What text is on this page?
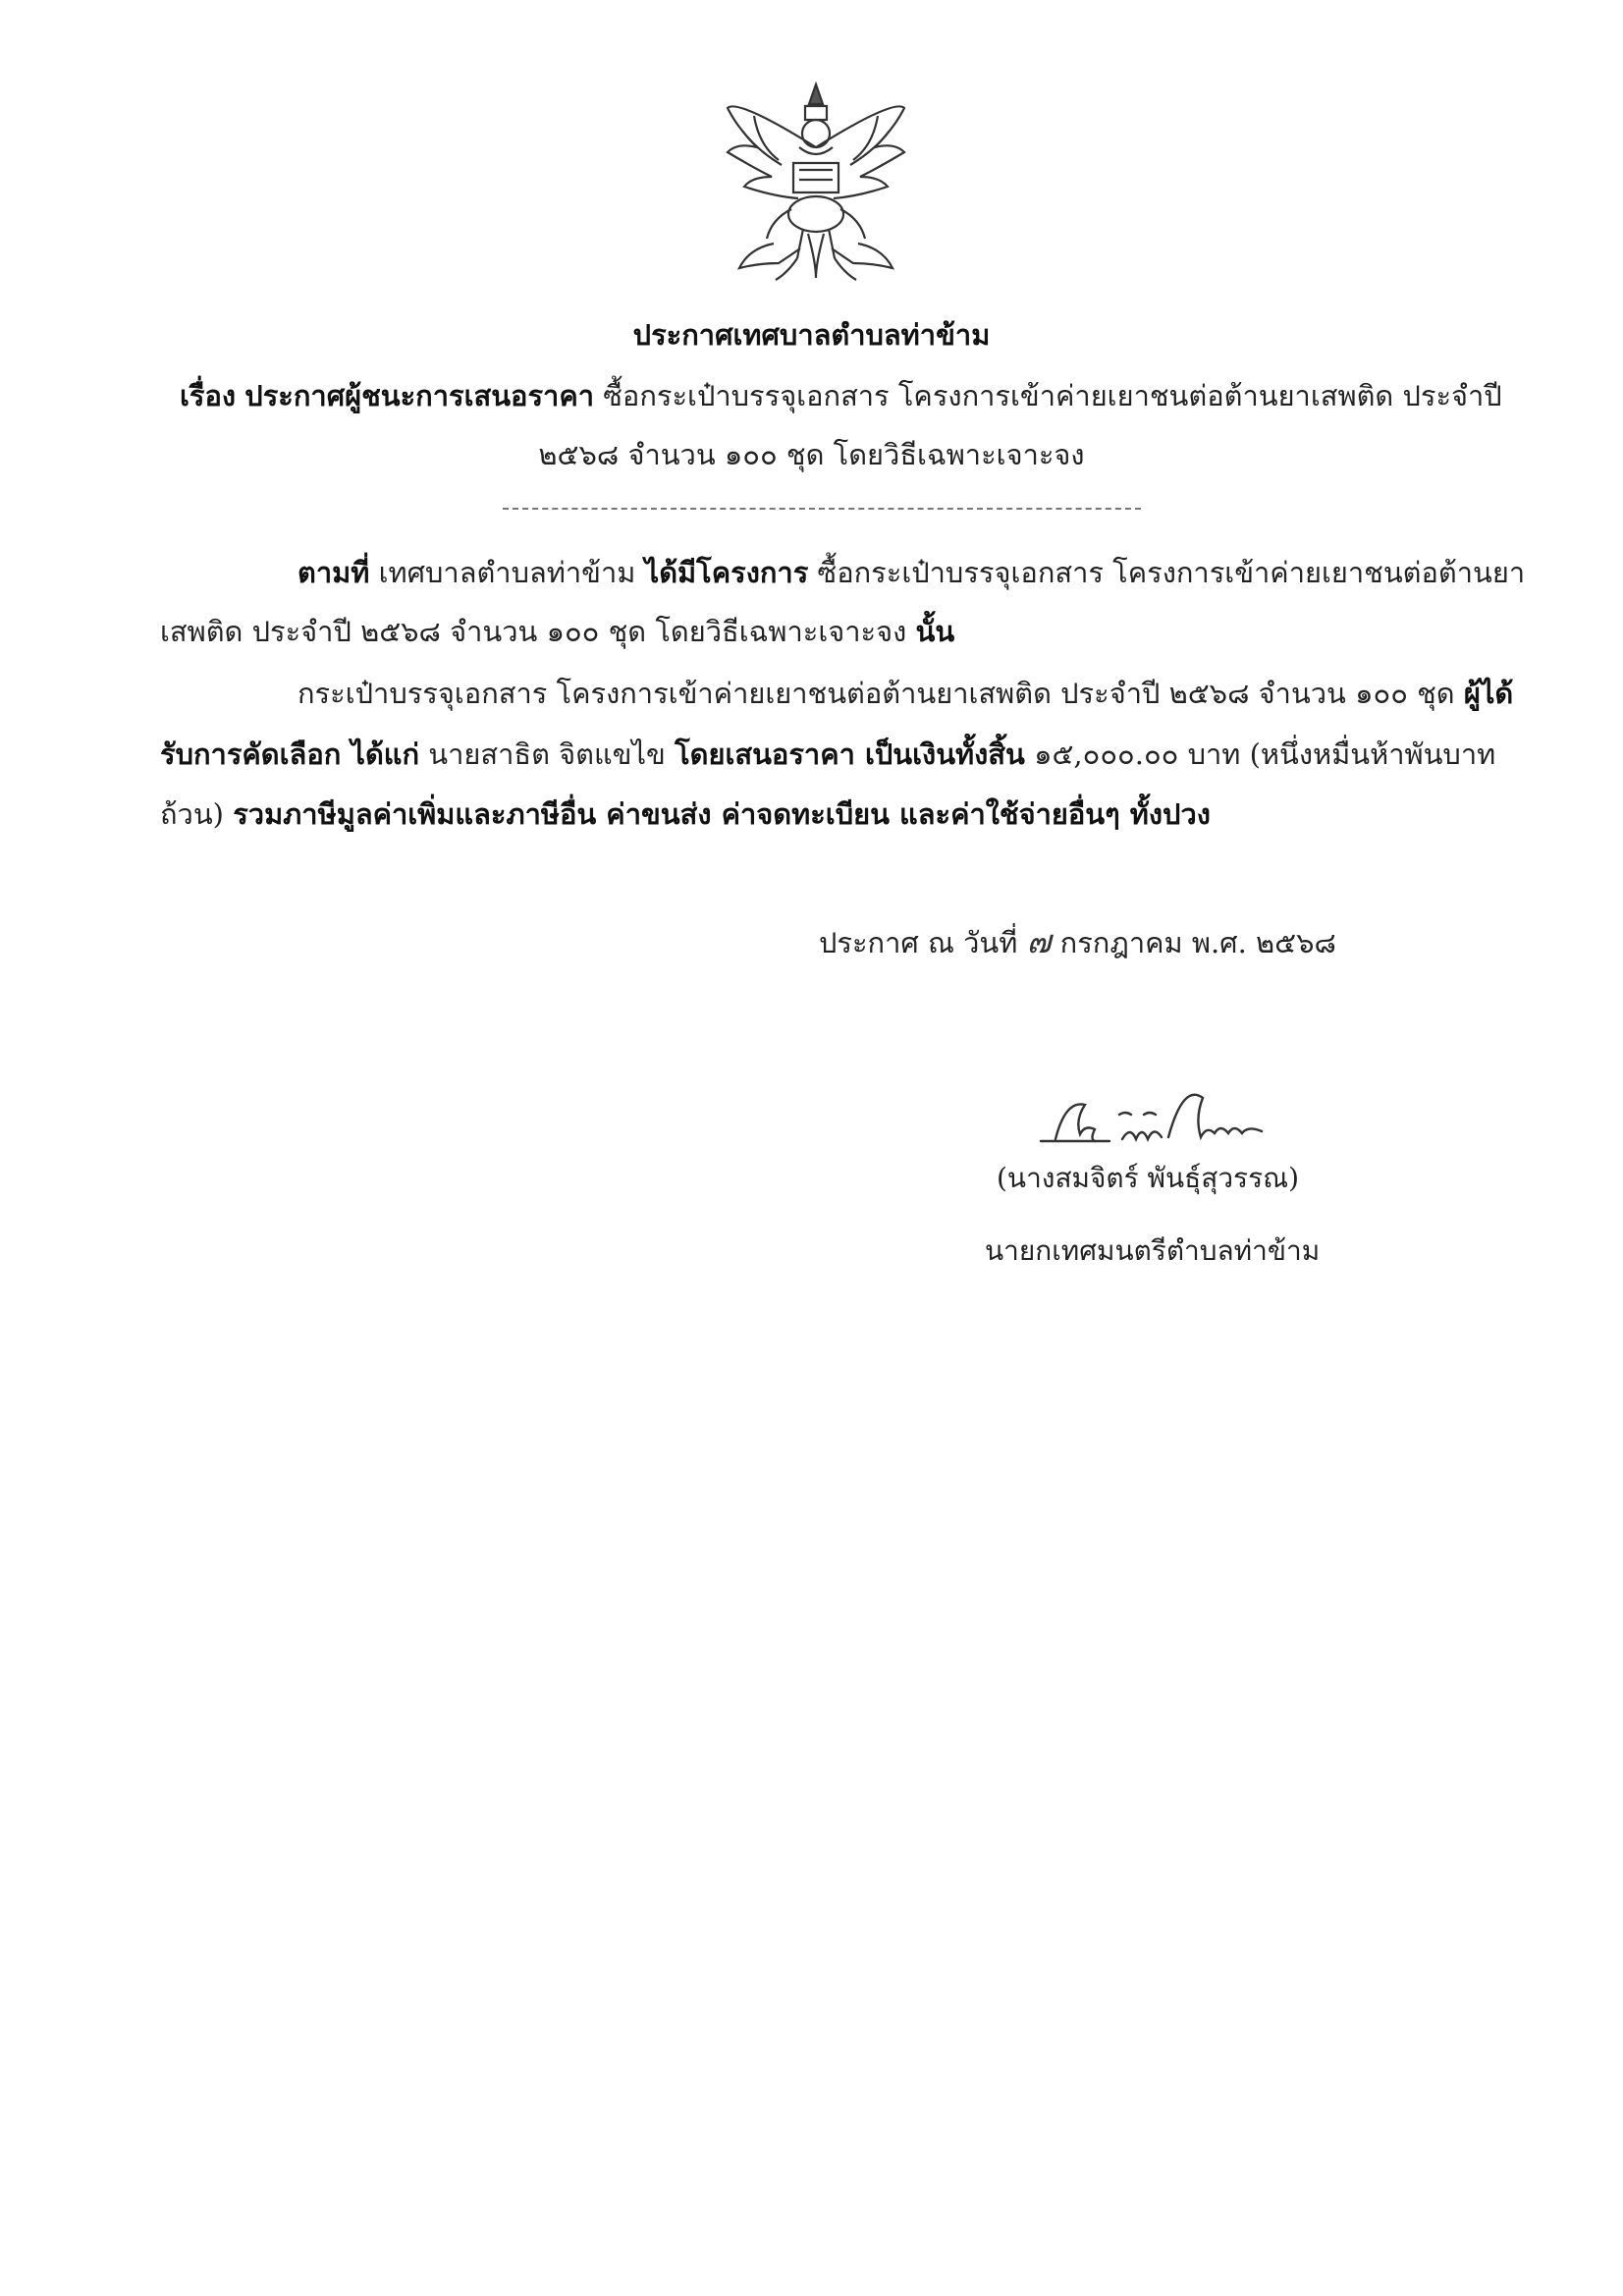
ประกาศเทศบาลตำบลท่าข้าม
เรื่อง ประกาศผู้ชนะการเสนอราคา ซื้อกระเป๋าบรรจุเอกสาร โครงการเข้าค่ายเยาชนต่อต้านยาเสพติด ประจำปี
๒๕๖๘ จำนวน ๑๐๐ ชุด โดยวิธีเฉพาะเจาะจง
ตามที่ เทศบาลตำบลท่าข้าม ได้มีโครงการ ซื้อกระเป๋าบรรจุเอกสาร โครงการเข้าค่ายเยาชนต่อต้านยา
เสพติด ประจำปี ๒๕๖๘ จำนวน ๑๐๐ ชุด โดยวิธีเฉพาะเจาะจง นั้น
กระเป๋าบรรจุเอกสาร โครงการเข้าค่ายเยาชนต่อต้านยาเสพติด ประจำปี ๒๕๖๘ จำนวน ๑๐๐ ชุด ผู้ได้
รับการคัดเลือก ได้แก่ นายสาธิต จิตแขไข โดยเสนอราคา เป็นเงินทั้งสิ้น ๑๕,๐๐๐.๐๐ บาท (หนึ่งหมื่นห้าพันบาท
ถ้วน) รวมภาษีมูลค่าเพิ่มและภาษีอื่น ค่าขนส่ง ค่าจดทะเบียน และค่าใช้จ่ายอื่นๆ ทั้งปวง
ประกาศ ณ วันที่ ๗ กรกฎาคม พ.ศ. ๒๕๖๘
(นางสมจิตร์ พันธุ์สุวรรณ)
นายกเทศมนตรีตำบลท่าข้าม
